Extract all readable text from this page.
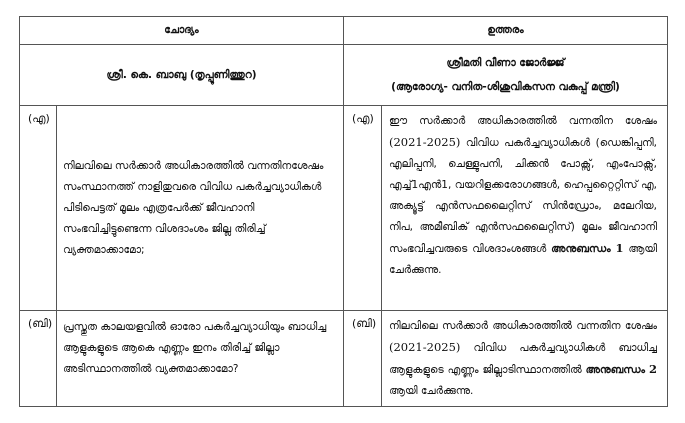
ചോദ്യം		ഉത്തരം	
ശ്രീ. കെ. ബാബു (തൃപ്പൂണിത്തുറ)		ശ്രീമതി വീണാ ജോർജ്ജ്
(ആരോഗ്യ- വനിത-ശിശുവികസന വകുപ്പ് മന്ത്രി)	

(എ)	നിലവിലെ സർക്കാർ അധികാരത്തിൽ വന്നതിനശേഷം സംസ്ഥാനത്ത് നാളിതുവരെ വിവിധ പകർച്ചവ്യാധികൾ പിടിപെട്ടത് മൂലം എത്രപേർക്ക് ജീവഹാനി സംഭവിച്ചിട്ടുണ്ടെന്ന വിശദാംശം ജില്ല തിരിച്ച് വ്യക്തമാക്കാമോ;	(എ)	ഈ സർക്കാർ അധികാരത്തിൽ വന്നതിന ശേഷം (2021-2025) വിവിധ പകർച്ചവ്യാധികൾ (ഡെങ്കിപ്പനി, എലിപ്പനി, ചെള്ളുപനി, ചിക്കൻ പോക്സ്, എംപോക്സ്, എച്ച്1എൻ1, വയറിളക്കരോഗങ്ങൾ, ഹെപ്പറ്റൈറ്റിസ് എ, അക്യൂട്ട് എൻസഫലൈറ്റിസ് സിൻഡ്രോം, മലേറിയ, നിപ, അമീബിക് എൻസഫലൈറ്റിസ്) മൂലം ജീവഹാനി സംഭവിച്ചവരുടെ വിശദാംശങ്ങൾ അനുബന്ധം 1 ആയി ചേർക്കുന്നു.
(ബി)	പ്രസ്തുത കാലയളവിൽ ഓരോ പകർച്ചവ്യാധിയും ബാധിച്ച ആളുകളുടെ ആകെ എണ്ണം ഇനം തിരിച്ച് ജില്ലാ അടിസ്ഥാനത്തിൽ വ്യക്തമാക്കാമോ?	(ബി)	നിലവിലെ സർക്കാർ അധികാരത്തിൽ വന്നതിന ശേഷം (2021-2025) വിവിധ പകർച്ചവ്യാധികൾ ബാധിച്ച ആളുകളുടെ എണ്ണം ജില്ലാടിസ്ഥാനത്തിൽ അനുബന്ധം 2 ആയി ചേർക്കുന്നു.
